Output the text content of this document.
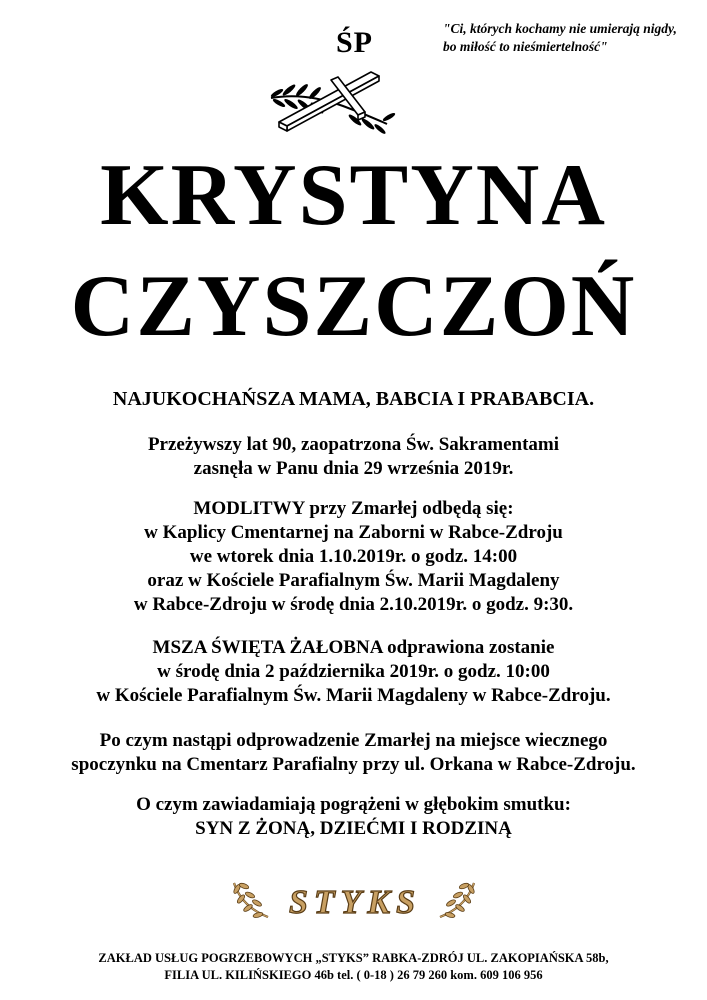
ŚP	"Ci, których kochamy nie umierają nigdy,
bo miłość to nieśmiertelność"
KRYSTYNA
CZYSZCZOŃ
NAJUKOCHAŃSZA MAMA, BABCIA I PRABABCIA.
Przeżywszy lat 90, zaopatrzona Św. Sakramentami
zasnęła w Panu dnia 29 września 2019r.
MODLITWY przy Zmarłej odbędą się:
w Kaplicy Cmentarnej na Zaborni w Rabce-Zdroju
we wtorek dnia 1.10.2019r. o godz. 14:00
oraz w Kościele Parafialnym Św. Marii Magdaleny
w Rabce-Zdroju w środę dnia 2.10.2019r. o godz. 9:30.
MSZA ŚWIĘTA ŻAŁOBNA odprawiona zostanie
w środę dnia 2 października 2019r. o godz. 10:00
w Kościele Parafialnym Św. Marii Magdaleny w Rabce-Zdroju.
Po czym nastąpi odprowadzenie Zmarłej na miejsce wiecznego
spoczynku na Cmentarz Parafialny przy ul. Orkana w Rabce-Zdroju.
O czym zawiadamiają pogrążeni w głębokim smutku:
SYN Z ŻONĄ, DZIEĆMI I RODZINĄ
STYKS
ZAKŁAD USŁUG POGRZEBOWYCH „STYKS” RABKA-ZDRÓJ UL. ZAKOPIAŃSKA 58b,
FILIA UL. KILIŃSKIEGO 46b tel. ( 0-18 ) 26 79 260 kom. 609 106 956
